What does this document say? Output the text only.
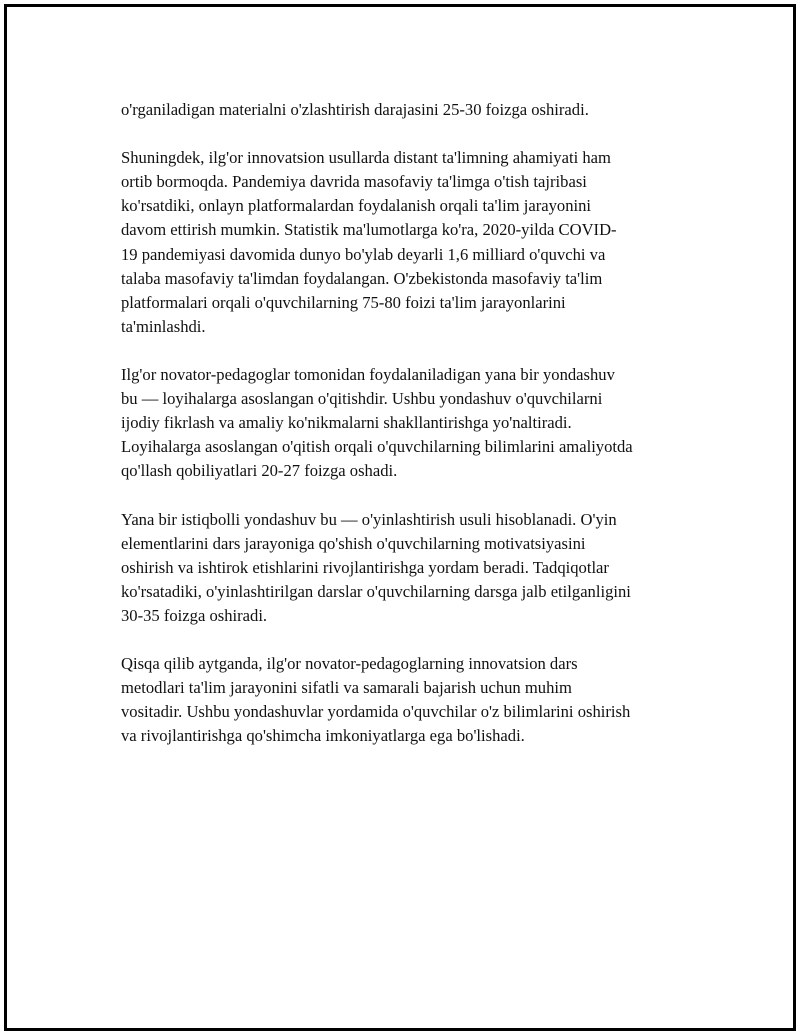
o'rganiladigan materialni o'zlashtirish darajasini 25-30 foizga oshiradi.

Shuningdek, ilg'or innovatsion usullarda distant ta'limning ahamiyati ham
ortib bormoqda. Pandemiya davrida masofaviy ta'limga o'tish tajribasi
ko'rsatdiki, onlayn platformalardan foydalanish orqali ta'lim jarayonini
davom ettirish mumkin. Statistik ma'lumotlarga ko'ra, 2020-yilda COVID-
19 pandemiyasi davomida dunyo bo'ylab deyarli 1,6 milliard o'quvchi va
talaba masofaviy ta'limdan foydalangan. O'zbekistonda masofaviy ta'lim
platformalari orqali o'quvchilarning 75-80 foizi ta'lim jarayonlarini
ta'minlashdi.

Ilg'or novator-pedagoglar tomonidan foydalaniladigan yana bir yondashuv
bu — loyihalarga asoslangan o'qitishdir. Ushbu yondashuv o'quvchilarni
ijodiy fikrlash va amaliy ko'nikmalarni shakllantirishga yo'naltiradi.
Loyihalarga asoslangan o'qitish orqali o'quvchilarning bilimlarini amaliyotda
qo'llash qobiliyatlari 20-27 foizga oshadi.

Yana bir istiqbolli yondashuv bu — o'yinlashtirish usuli hisoblanadi. O'yin
elementlarini dars jarayoniga qo'shish o'quvchilarning motivatsiyasini
oshirish va ishtirok etishlarini rivojlantirishga yordam beradi. Tadqiqotlar
ko'rsatadiki, o'yinlashtirilgan darslar o'quvchilarning darsga jalb etilganligini
30-35 foizga oshiradi.

Qisqa qilib aytganda, ilg'or novator-pedagoglarning innovatsion dars
metodlari ta'lim jarayonini sifatli va samarali bajarish uchun muhim
vositadir. Ushbu yondashuvlar yordamida o'quvchilar o'z bilimlarini oshirish
va rivojlantirishga qo'shimcha imkoniyatlarga ega bo'lishadi.
